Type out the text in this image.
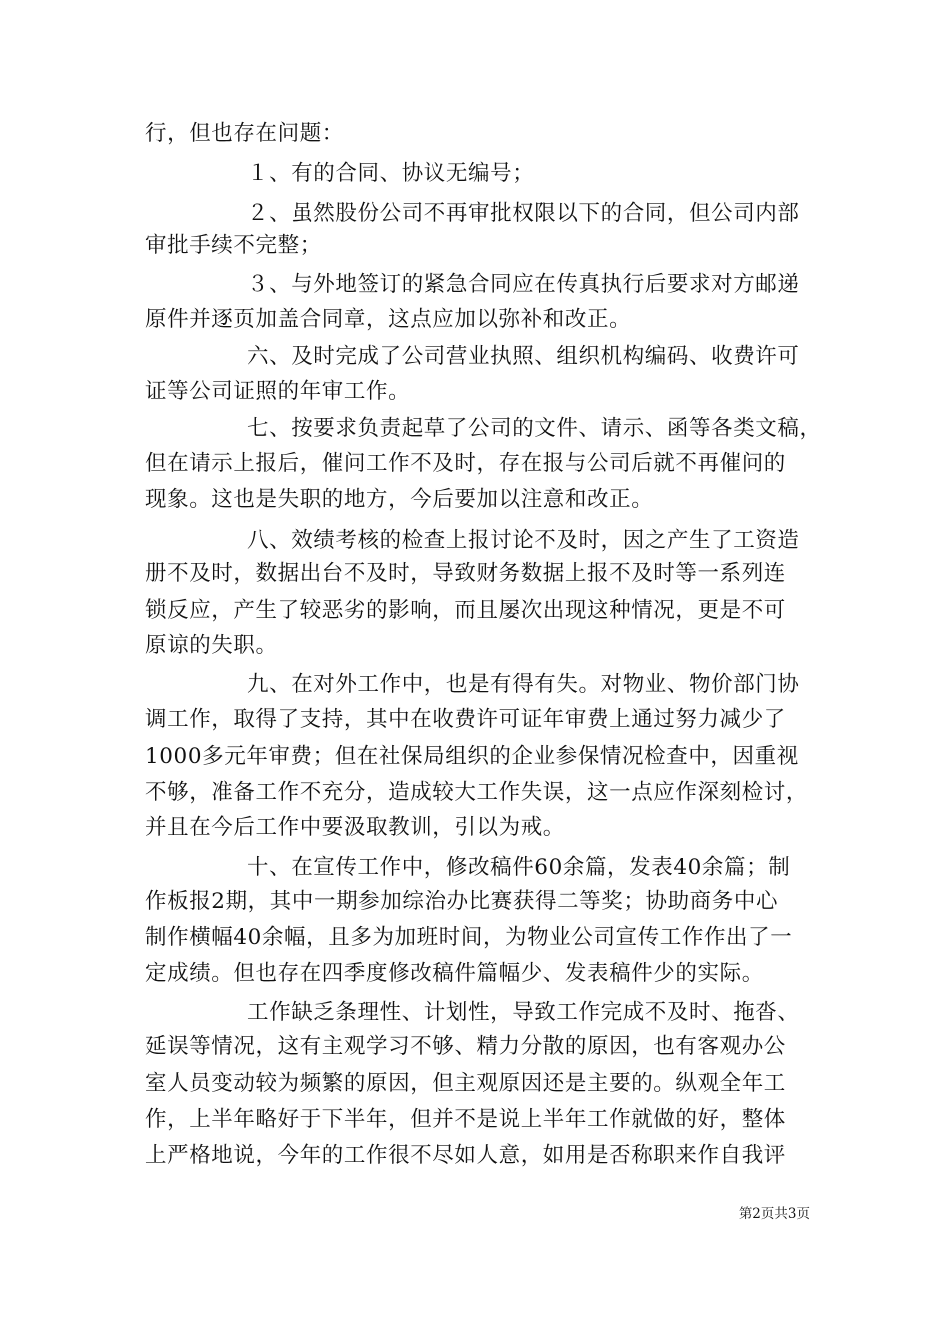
行，但也存在问题：
１、有的合同、协议无编号；
２、虽然股份公司不再审批权限以下的合同，但公司内部
审批手续不完整；
３、与外地签订的紧急合同应在传真执行后要求对方邮递
原件并逐页加盖合同章，这点应加以弥补和改正。
六、及时完成了公司营业执照、组织机构编码、收费许可
证等公司证照的年审工作。
七、按要求负责起草了公司的文件、请示、函等各类文稿，
但在请示上报后，催问工作不及时，存在报与公司后就不再催问的
现象。这也是失职的地方，今后要加以注意和改正。
八、效绩考核的检查上报讨论不及时，因之产生了工资造
册不及时，数据出台不及时，导致财务数据上报不及时等一系列连
锁反应，产生了较恶劣的影响，而且屡次出现这种情况，更是不可
原谅的失职。
九、在对外工作中，也是有得有失。对物业、物价部门协
调工作，取得了支持，其中在收费许可证年审费上通过努力减少了
1000多元年审费；但在社保局组织的企业参保情况检查中，因重视
不够，准备工作不充分，造成较大工作失误，这一点应作深刻检讨，
并且在今后工作中要汲取教训，引以为戒。
十、在宣传工作中，修改稿件60余篇，发表40余篇；制
作板报2期，其中一期参加综治办比赛获得二等奖；协助商务中心
制作横幅40余幅，且多为加班时间，为物业公司宣传工作作出了一
定成绩。但也存在四季度修改稿件篇幅少、发表稿件少的实际。
工作缺乏条理性、计划性，导致工作完成不及时、拖沓、
延误等情况，这有主观学习不够、精力分散的原因，也有客观办公
室人员变动较为频繁的原因，但主观原因还是主要的。纵观全年工
作，上半年略好于下半年，但并不是说上半年工作就做的好，整体
上严格地说，今年的工作很不尽如人意，如用是否称职来作自我评
第2页共3页
